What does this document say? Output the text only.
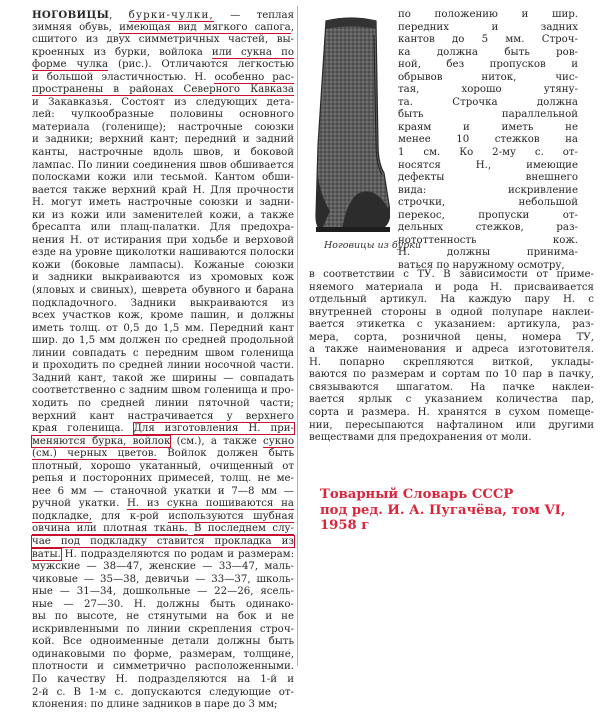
НОГОВИЦЫ, бурки-чулки, — теплая
зимняя обувь, имеющая вид мягкого сапога,
сшитого из двух симметричных частей, вы-
кроенных из бурки, войлока или сукна по
форме чулка (рис.). Отличаются легкостью
и большой эластичностью. Н. особенно рас-
пространены в районах Северного Кавказа
и Закавказья. Состоят из следующих дета-
лей: чулкообразные половины основного
материала (голенище); настрочные союзки
и задники; верхний кант; передний и задний
канты, настрочные вдоль швов, и боковой
лампас. По линии соединения швов обшивается
полосками кожи или тесьмой. Кантом обши-
вается также верхний край Н. Для прочности
Н. могут иметь настрочные союзки и задни-
ки из кожи или заменителей кожи, а также
бресапта или плащ-палатки. Для предохра-
нения Н. от истирания при ходьбе и верховой
езде на уровне щиколотки нашиваются полоски
кожи (боковые лампасы). Кожаные союзки
и задники выкраиваются из хромовых кож
(яловых и свиных), шеврета обувного и барана
подкладочного. Задники выкраиваются из
всех участков кож, кроме пашин, и должны
иметь толщ. от 0,5 до 1,5 мм. Передний кант
шир. до 1,5 мм должен по средней продольной
линии совпадать с передним швом голенища
и проходить по средней линии носочной части.
Задний кант, такой же ширины — совпадать
соответственно с задним швом голенища и про-
ходить по средней линии пяточной части;
верхний кант настрачивается у верхнего
края голенища. Для изготовления Н. при-
меняются бурка, войлок (см.), а также сукно
(см.) черных цветов. Войлок должен быть
плотный, хорошо укатанный, очищенный от
репья и посторонних примесей, толщ. не ме-
нее 6 мм — станочной укатки и 7—8 мм —
ручной укатки. Н. из сукна пошиваются на
подкладке, для к-рой используются шубная
овчина или плотная ткань. В последнем слу-
чае под подкладку ставится прокладка из
ваты. Н. подразделяются по родам и размерам:
мужские — 38—47, женские — 33—47, маль-
чиковые — 35—38, девичьи — 33—37, школь-
ные — 31—34, дошкольные — 22—26, ясель-
ные — 27—30. Н. должны быть одинако-
вы по высоте, не стянутыми на бок и не
искривленными по линии скрепления строч-
кой. Все одноименные детали должны быть
одинаковыми по форме, размерам, толщине,
плотности и симметрично расположенными.
По качеству Н. подразделяются на 1-й и
2-й с. В 1-м с. допускаются следующие от-
клонения: по длине задников в паре до 3 мм;
по положению и шир.
передних и задних
кантов до 5 мм. Строч-
ка должна быть ров-
ной, без пропусков и
обрывов ниток, чис-
тая, хорошо утяну-
та. Строчка должна
быть параллельной
краям и иметь не
менее 10 стежков на
1 см. Ко 2-му с. от-
носятся Н., имеющие
дефекты внешнего
вида: искривление
строчки, небольшой
перекос, пропуски от-
дельных стежков, раз-
нототтенность кож.
Н. должны принима-
ваться по наружному осмотру,
Ноговицы из бурки
в соответствии с ТУ. В зависимости от приме-
няемого материала и рода Н. присваивается
отдельный артикул. На каждую пару Н. с
внутренней стороны в одной полупаре наклеи-
вается этикетка с указанием: артикула, раз-
мера, сорта, розничной цены, номера ТУ,
а также наименования и адреса изготовителя.
Н. попарно скрепляются виткой, уклады-
ваются по размерам и сортам по 10 пар в пачку,
связываются шпагатом. На пачке наклеи-
вается ярлык с указанием количества пар,
сорта и размера. Н. хранятся в сухом помеще-
нии, пересыпаются нафталином или другими
веществами для предохранения от моли.
Товарный Словарь СССР
под ред. И. А. Пугачёва, том VI, 1958 г
